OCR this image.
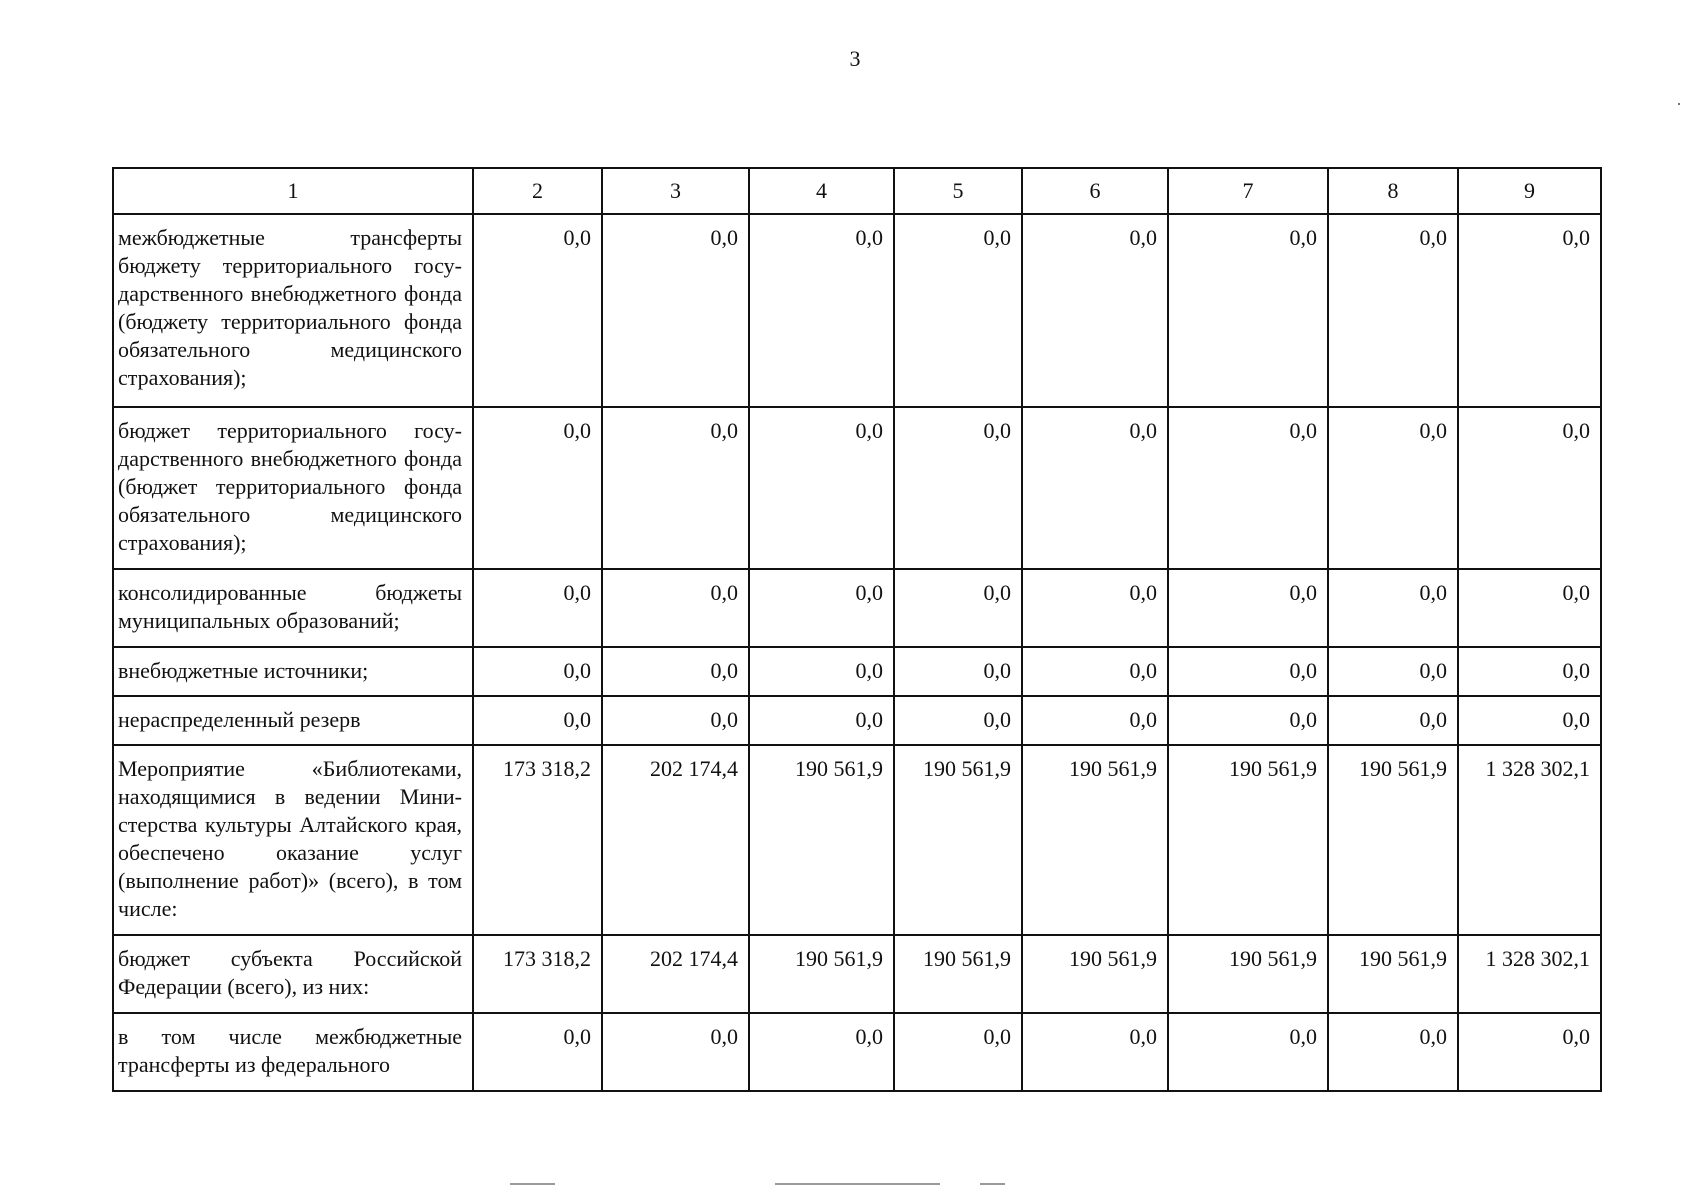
3
1	2	3	4	5	6	7	8	9
межбюджетные трансферты бюджету территориального государственного внебюджетного фонда (бюджету территориального фонда обязательного медицинского страхования);	0,0	0,0	0,0	0,0	0,0	0,0	0,0	0,0
бюджет территориального государственного внебюджетного фонда (бюджет территориального фонда обязательного медицинского страхования);	0,0	0,0	0,0	0,0	0,0	0,0	0,0	0,0
консолидированные бюджеты муниципальных образований;	0,0	0,0	0,0	0,0	0,0	0,0	0,0	0,0
внебюджетные источники;	0,0	0,0	0,0	0,0	0,0	0,0	0,0	0,0
нераспределенный резерв	0,0	0,0	0,0	0,0	0,0	0,0	0,0	0,0
Мероприятие «Библиотеками, находящимися в ведении Министерства культуры Алтайского края, обеспечено оказание услуг (выполнение работ)» (всего), в том числе:	173 318,2	202 174,4	190 561,9	190 561,9	190 561,9	190 561,9	190 561,9	1 328 302,1
бюджет субъекта Российской Федерации (всего), из них:	173 318,2	202 174,4	190 561,9	190 561,9	190 561,9	190 561,9	190 561,9	1 328 302,1
в том числе межбюджетные трансферты из федерального	0,0	0,0	0,0	0,0	0,0	0,0	0,0	0,0
